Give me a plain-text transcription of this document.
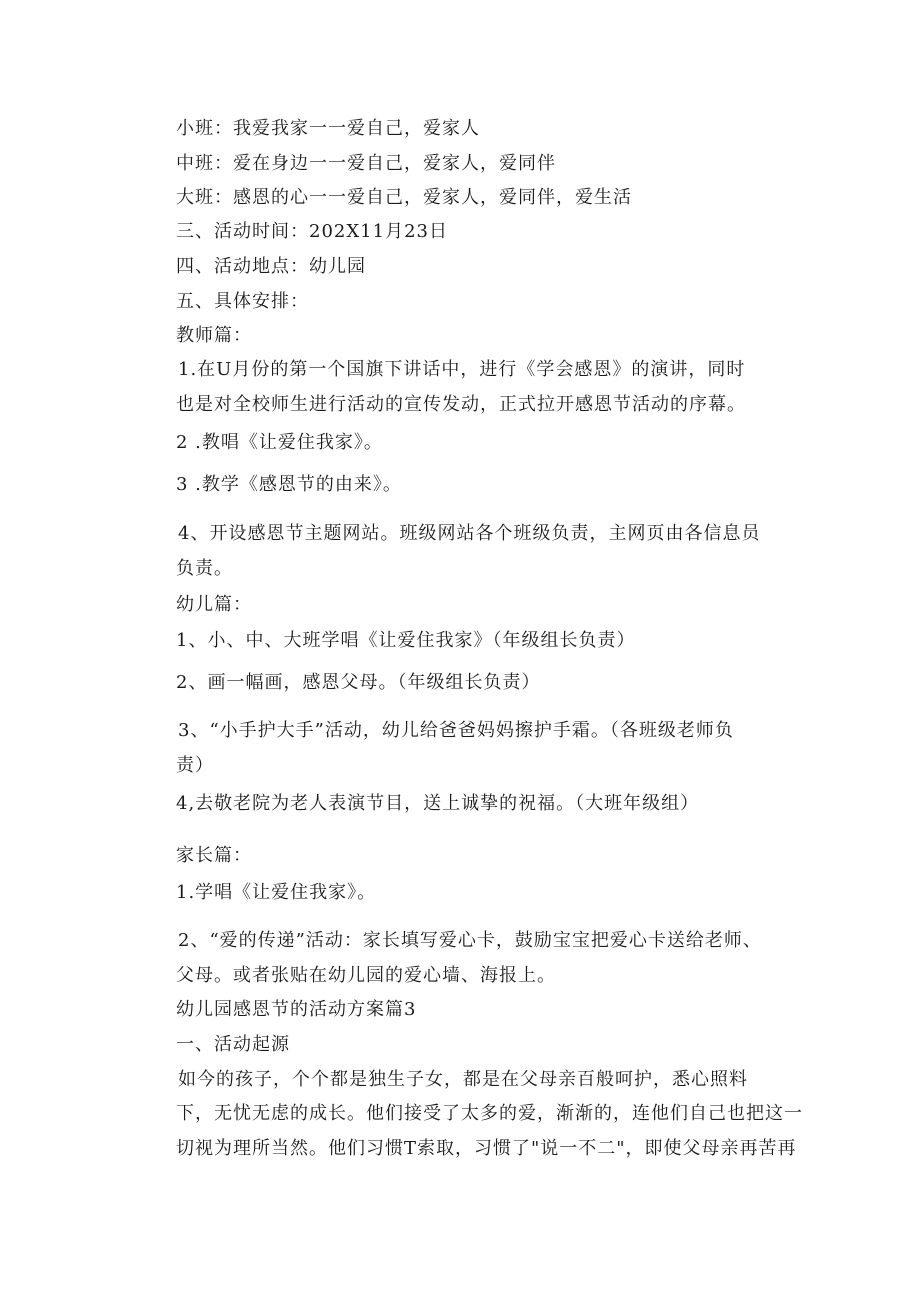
小班：我爱我家一一爱自己，爱家人
中班：爱在身边一一爱自己，爱家人，爱同伴
大班：感恩的心一一爱自己，爱家人，爱同伴，爱生活
三、活动时间：202X11月23日
四、活动地点：幼儿园
五、具体安排：
教师篇：
1.在U月份的第一个国旗下讲话中，进行《学会感恩》的演讲，同时
也是对全校师生进行活动的宣传发动，正式拉开感恩节活动的序幕。
2 .教唱《让爱住我家》。
3 .教学《感恩节的由来》。
4、开设感恩节主题网站。班级网站各个班级负责，主网页由各信息员
负责。
幼儿篇：
1、小、中、大班学唱《让爱住我家》（年级组长负责）
2、画一幅画，感恩父母。（年级组长负责）
3、“小手护大手”活动，幼儿给爸爸妈妈擦护手霜。（各班级老师负
责）
4,去敬老院为老人表演节目，送上诚挚的祝福。（大班年级组）
家长篇：
1.学唱《让爱住我家》。
2、“爱的传递”活动：家长填写爱心卡，鼓励宝宝把爱心卡送给老师、
父母。或者张贴在幼儿园的爱心墙、海报上。
幼儿园感恩节的活动方案篇3
一、活动起源
如今的孩子，个个都是独生子女，都是在父母亲百般呵护，悉心照料
下，无忧无虑的成长。他们接受了太多的爱，渐渐的，连他们自己也把这一
切视为理所当然。他们习惯T索取，习惯了"说一不二"，即使父母亲再苦再
